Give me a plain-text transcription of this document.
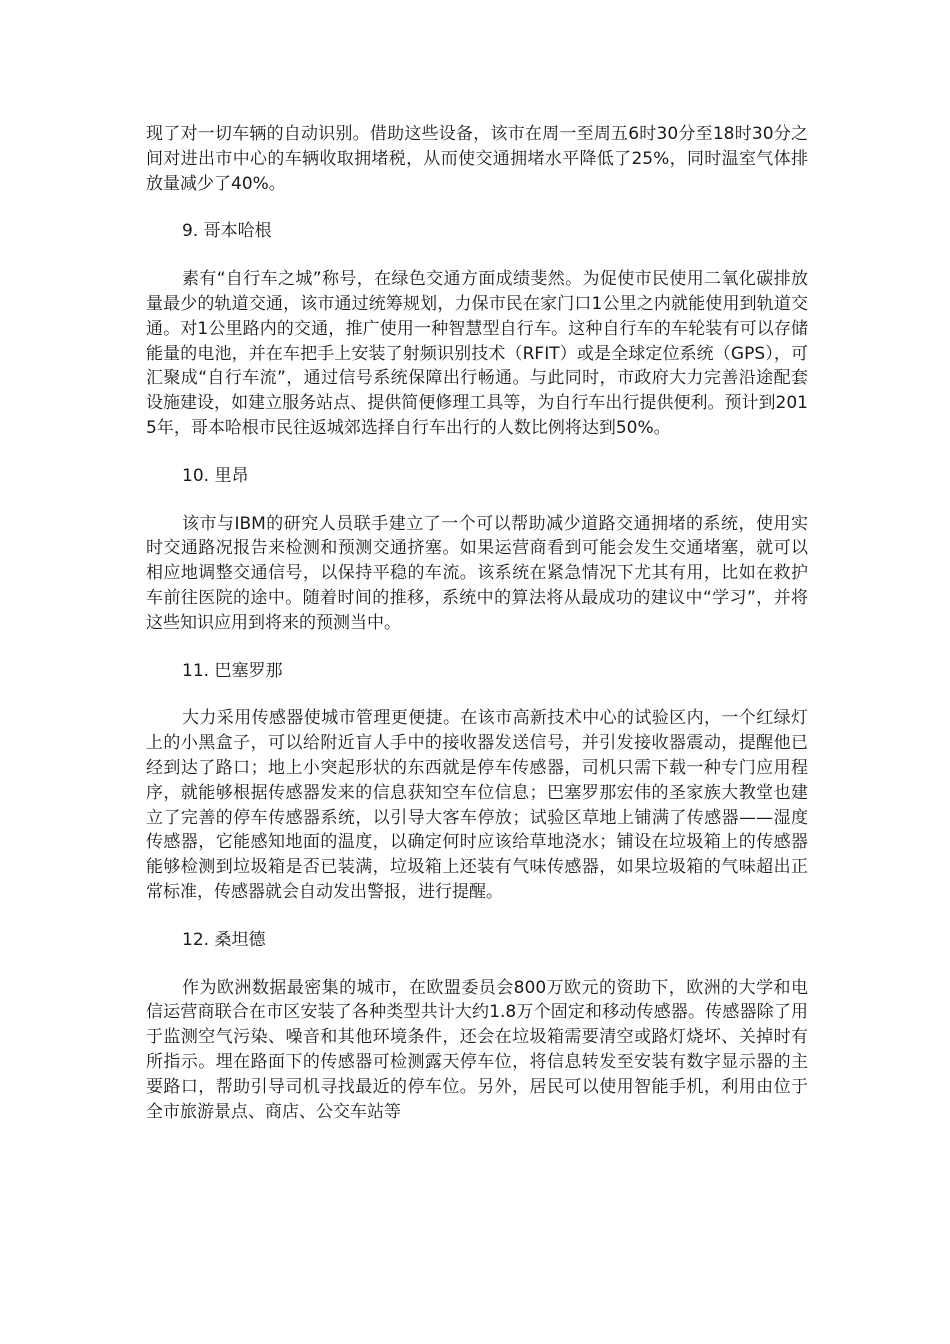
现了对一切车辆的自动识别。借助这些设备，该市在周一至周五6时30分至18时30分之间对进出市中心的车辆收取拥堵税，从而使交通拥堵水平降低了25%，同时温室气体排放量减少了40%。

9. 哥本哈根

素有“自行车之城”称号，在绿色交通方面成绩斐然。为促使市民使用二氧化碳排放量最少的轨道交通，该市通过统筹规划，力保市民在家门口1公里之内就能使用到轨道交通。对1公里路内的交通，推广使用一种智慧型自行车。这种自行车的车轮装有可以存储能量的电池，并在车把手上安装了射频识别技术（RFIT）或是全球定位系统（GPS），可汇聚成“自行车流”，通过信号系统保障出行畅通。与此同时，市政府大力完善沿途配套设施建设，如建立服务站点、提供简便修理工具等，为自行车出行提供便利。预计到2015年，哥本哈根市民往返城郊选择自行车出行的人数比例将达到50%。

10. 里昂

该市与IBM的研究人员联手建立了一个可以帮助减少道路交通拥堵的系统，使用实时交通路况报告来检测和预测交通挤塞。如果运营商看到可能会发生交通堵塞，就可以相应地调整交通信号，以保持平稳的车流。该系统在紧急情况下尤其有用，比如在救护车前往医院的途中。随着时间的推移，系统中的算法将从最成功的建议中“学习”，并将这些知识应用到将来的预测当中。

11. 巴塞罗那

大力采用传感器使城市管理更便捷。在该市高新技术中心的试验区内，一个红绿灯上的小黑盒子，可以给附近盲人手中的接收器发送信号，并引发接收器震动，提醒他已经到达了路口；地上小突起形状的东西就是停车传感器，司机只需下载一种专门应用程序，就能够根据传感器发来的信息获知空车位信息；巴塞罗那宏伟的圣家族大教堂也建立了完善的停车传感器系统，以引导大客车停放；试验区草地上铺满了传感器——湿度传感器，它能感知地面的温度，以确定何时应该给草地浇水；铺设在垃圾箱上的传感器能够检测到垃圾箱是否已装满，垃圾箱上还装有气味传感器，如果垃圾箱的气味超出正常标准，传感器就会自动发出警报，进行提醒。

12. 桑坦德

作为欧洲数据最密集的城市，在欧盟委员会800万欧元的资助下，欧洲的大学和电信运营商联合在市区安装了各种类型共计大约1.8万个固定和移动传感器。传感器除了用于监测空气污染、噪音和其他环境条件，还会在垃圾箱需要清空或路灯烧坏、关掉时有所指示。埋在路面下的传感器可检测露天停车位，将信息转发至安装有数字显示器的主要路口，帮助引导司机寻找最近的停车位。另外，居民可以使用智能手机，利用由位于全市旅游景点、商店、公交车站等
